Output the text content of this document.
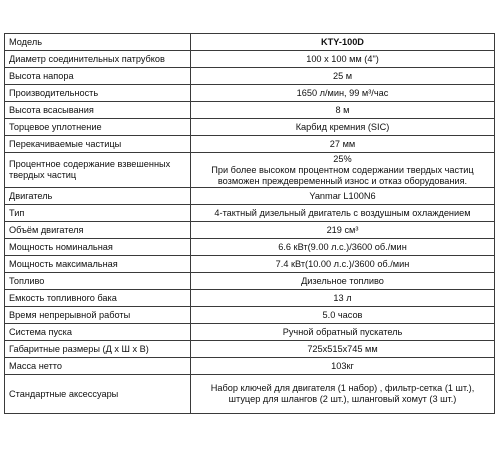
Модель	KTY-100D
Диаметр соединительных патрубков	100 х 100 мм (4")
Высота напора	25 м
Производительность	1650 л/мин, 99 м³/час
Высота всасывания	8 м
Торцевое уплотнение	Карбид кремния (SIC)
Перекачиваемые частицы	27 мм
Процентное содержание взвешенных твердых частиц	25%
При более высоком процентном содержании твердых частиц возможен преждевременный износ и отказ оборудования.

Двигатель	Yanmar L100N6
Тип	4-тактный дизельный двигатель с воздушным охлаждением
Объём двигателя	219 см³
Мощность номинальная	6.6 кВт(9.00 л.с.)/3600 об./мин
Мощность максимальная	7.4 кВт(10.00 л.с.)/3600 об./мин
Топливо	Дизельное топливо
Емкость топливного бака	13 л
Время непрерывной работы	5.0 часов
Система пуска	Ручной обратный пускатель
Габаритные размеры (Д х Ш х В)	725х515х745 мм
Масса нетто	103кг
Стандартные аксессуары	Набор ключей для двигателя (1 набор) , фильтр-сетка (1 шт.), штуцер для шлангов (2 шт.), шланговый хомут (3 шт.)
